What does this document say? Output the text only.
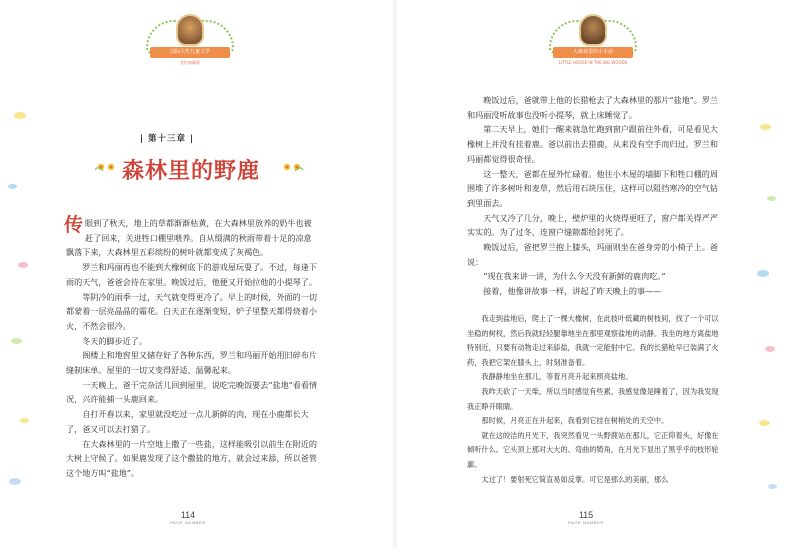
国际大奖儿童文学
美绘典藏版
| 第十三章 |
森林里的野鹿

传眼到了秋天，地上的草都渐渐枯黄，在大森林里放养的奶牛也被赶了回来，关进牲口棚里喂养。自从缀满的秋雨带着十足的凉意飘落下来，大森林里五彩缤纷的树叶就都变成了灰褐色。

罗兰和玛丽再也不能到大橡树底下的游戏屋玩耍了。不过，每逢下雨的天气，爸爸会待在家里。晚饭过后，他便又开始拉他的小提琴了。

等阴冷的雨季一过，天气就变得更冷了。早上的时候，外面的一切都蒙着一层亮晶晶的霜花。白天正在逐渐变短，炉子里整天都得烧着小火，不然会很冷。

冬天的脚步近了。

阁楼上和地窖里又储存好了各种东西，罗兰和玛丽开始用旧碎布片缝制床单。屋里的一切又变得舒适、温馨起来。

一天晚上，爸干完杂活儿回到屋里，说吃完晚饭要去“盐地”看看情况，兴许能捕一头鹿回来。

自打开春以来，家里就没吃过一点儿新鲜的肉，现在小鹿都长大了，爸又可以去打猎了。

在大森林里的一片空地上撒了一些盐，这样能吸引以前生在附近的大树上守候了。如果鹿发现了这个撒盐的地方，就会过来舔，所以爸管这个地方叫“盐地”。

114
PAGE NUMBER
大森林里的小木屋
LITTLE HOUSE IN THE BIG WOODS

晚饭过后，爸就带上他的长猎枪去了大森林里的那片“盐地”。罗兰和玛丽没听故事也没听小提琴，就上床睡觉了。

第二天早上，她们一醒来就急忙跑到窗户跟前往外看，可是看见大橡树上并没有挂着鹿。爸以前出去猎鹿，从来没有空手而归过。罗兰和玛丽都觉得很奇怪。

这一整天，爸都在屋外忙碌着。他往小木屋的墙脚下和牲口棚的周围堆了许多树叶和麦草，然后用石块压住，这样可以阻挡寒冷的空气钻到里面去。

天气又冷了几分，晚上，壁炉里的火烧得更旺了，窗户都关得严严实实的。为了过冬，连窗户缝隙都给封死了。

晚饭过后，爸把罗兰抱上膝头，玛丽则坐在爸身旁的小椅子上。爸说：

“现在我来讲一讲，为什么今天没有新鲜的鹿肉吃。”

接着，他像讲故事一样，讲起了昨天晚上的事——

我走到盐地后，爬上了一棵大橡树，在此枝叶低藏的树枝间，找了一个可以坐稳的树杈，然后我就轻轻腿靠地坐在那里观察盐地的动静。我坐的地方离盐地特别近，只要有动物走过来舔盐，我就一定能射中它。我的长猎枪早已装满了火药，我把它架在膝头上，时刻准备着。

我静静地坐在那儿，等着月亮升起来照亮盐地。

我昨天砍了一天柴，所以当时感觉有些累，我感觉像是睡着了，因为我发现我正睁开眼睛。

那时候，月亮正在升起来，我看到它挂在树梢处的天空中。

就在这皎洁的月光下，我突然看见一头野鹿站在那儿，它正仰着头，好像在倾听什么。它头顶上那对大大的、弯曲的犄角，在月光下显出了黑乎乎的枝形轮廓。

太过了！要射死它简直易如反掌。可它是那么的美丽，那么

115
PAGE NUMBER
